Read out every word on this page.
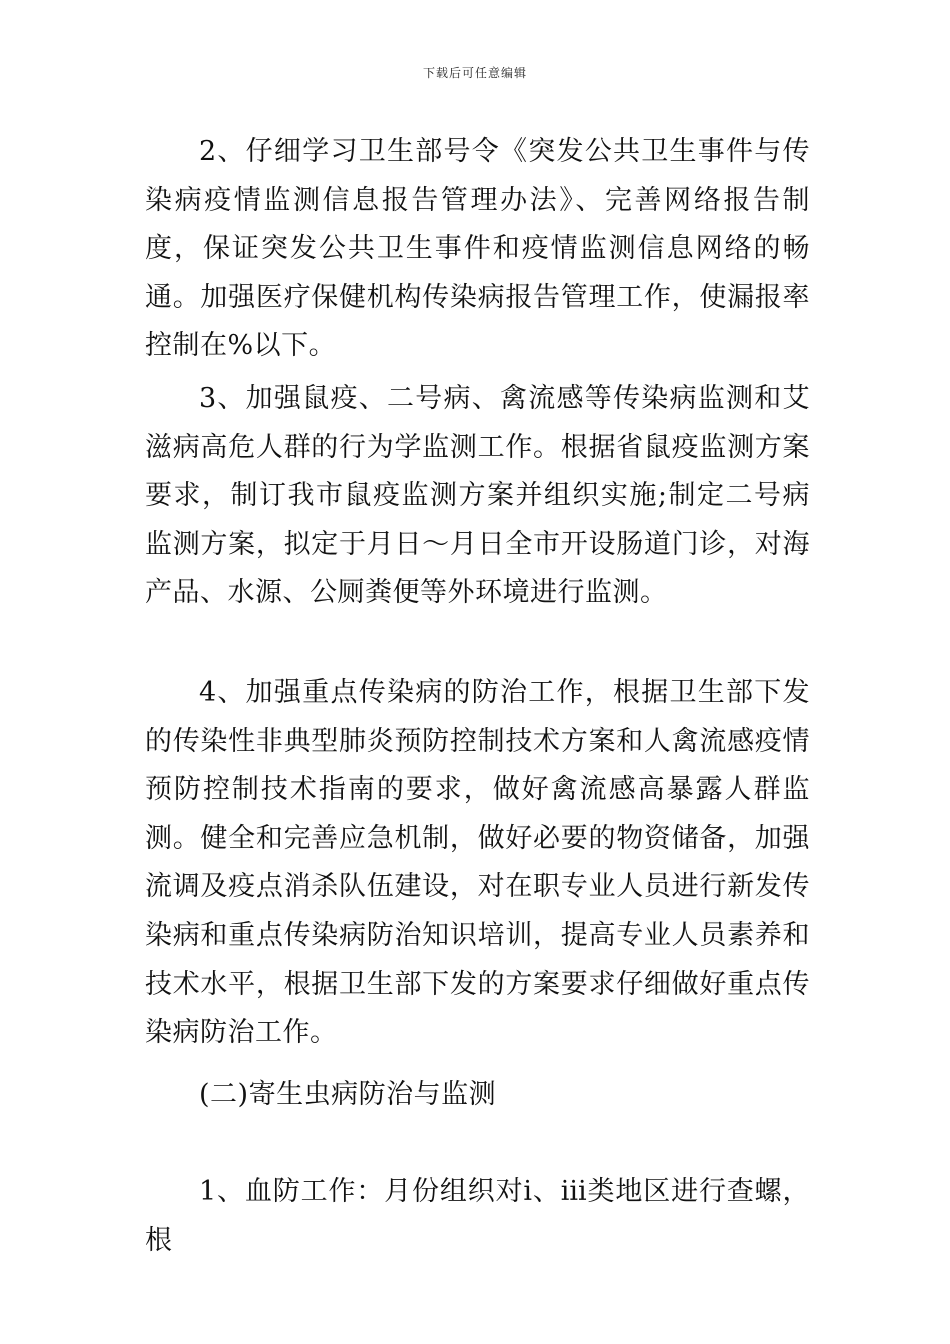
下载后可任意编辑

2、仔细学习卫生部号令《突发公共卫生事件与传染病疫情监测信息报告管理办法》、完善网络报告制度，保证突发公共卫生事件和疫情监测信息网络的畅通。加强医疗保健机构传染病报告管理工作，使漏报率控制在%以下。

3、加强鼠疫、二号病、禽流感等传染病监测和艾滋病高危人群的行为学监测工作。根据省鼠疫监测方案要求，制订我市鼠疫监测方案并组织实施;制定二号病监测方案，拟定于月日～月日全市开设肠道门诊，对海产品、水源、公厕粪便等外环境进行监测。

4、加强重点传染病的防治工作，根据卫生部下发的传染性非典型肺炎预防控制技术方案和人禽流感疫情预防控制技术指南的要求，做好禽流感高暴露人群监测。健全和完善应急机制，做好必要的物资储备，加强流调及疫点消杀队伍建设，对在职专业人员进行新发传染病和重点传染病防治知识培训，提高专业人员素养和技术水平，根据卫生部下发的方案要求仔细做好重点传染病防治工作。

(二)寄生虫病防治与监测

1、血防工作：月份组织对ⅰ、ⅲ类地区进行查螺，根
